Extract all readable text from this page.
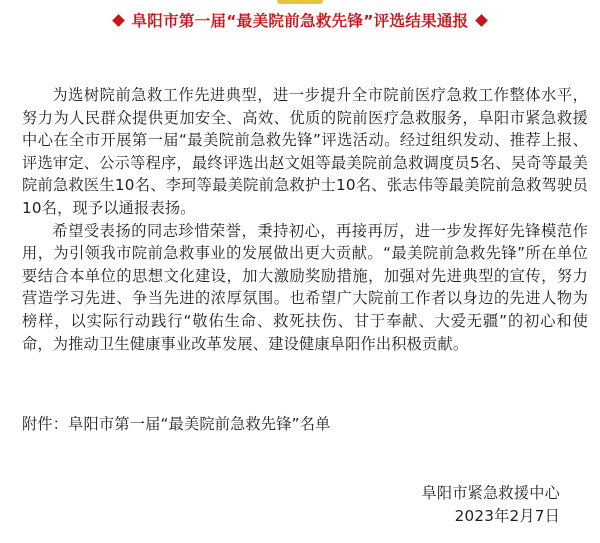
阜阳市第一届“最美院前急救先锋”评选结果通报

为选树院前急救工作先进典型，进一步提升全市院前医疗急救工作整体水平，努力为人民群众提供更加安全、高效、优质的院前医疗急救服务，阜阳市紧急救援中心在全市开展第一届“最美院前急救先锋”评选活动。经过组织发动、推荐上报、评选审定、公示等程序，最终评选出赵文姐等最美院前急救调度员5名、吴奇等最美院前急救医生10名、李珂等最美院前急救护士10名、张志伟等最美院前急救驾驶员10名，现予以通报表扬。

希望受表扬的同志珍惜荣誉，秉持初心，再接再厉，进一步发挥好先锋模范作用，为引领我市院前急救事业的发展做出更大贡献。“最美院前急救先锋”所在单位要结合本单位的思想文化建设，加大激励奖励措施，加强对先进典型的宣传，努力营造学习先进、争当先进的浓厚氛围。也希望广大院前工作者以身边的先进人物为榜样，以实际行动践行“敬佑生命、救死扶伤、甘于奉献、大爱无疆”的初心和使命，为推动卫生健康事业改革发展、建设健康阜阳作出积极贡献。

附件：阜阳市第一届“最美院前急救先锋”名单
阜阳市紧急救援中心
2023年2月7日
